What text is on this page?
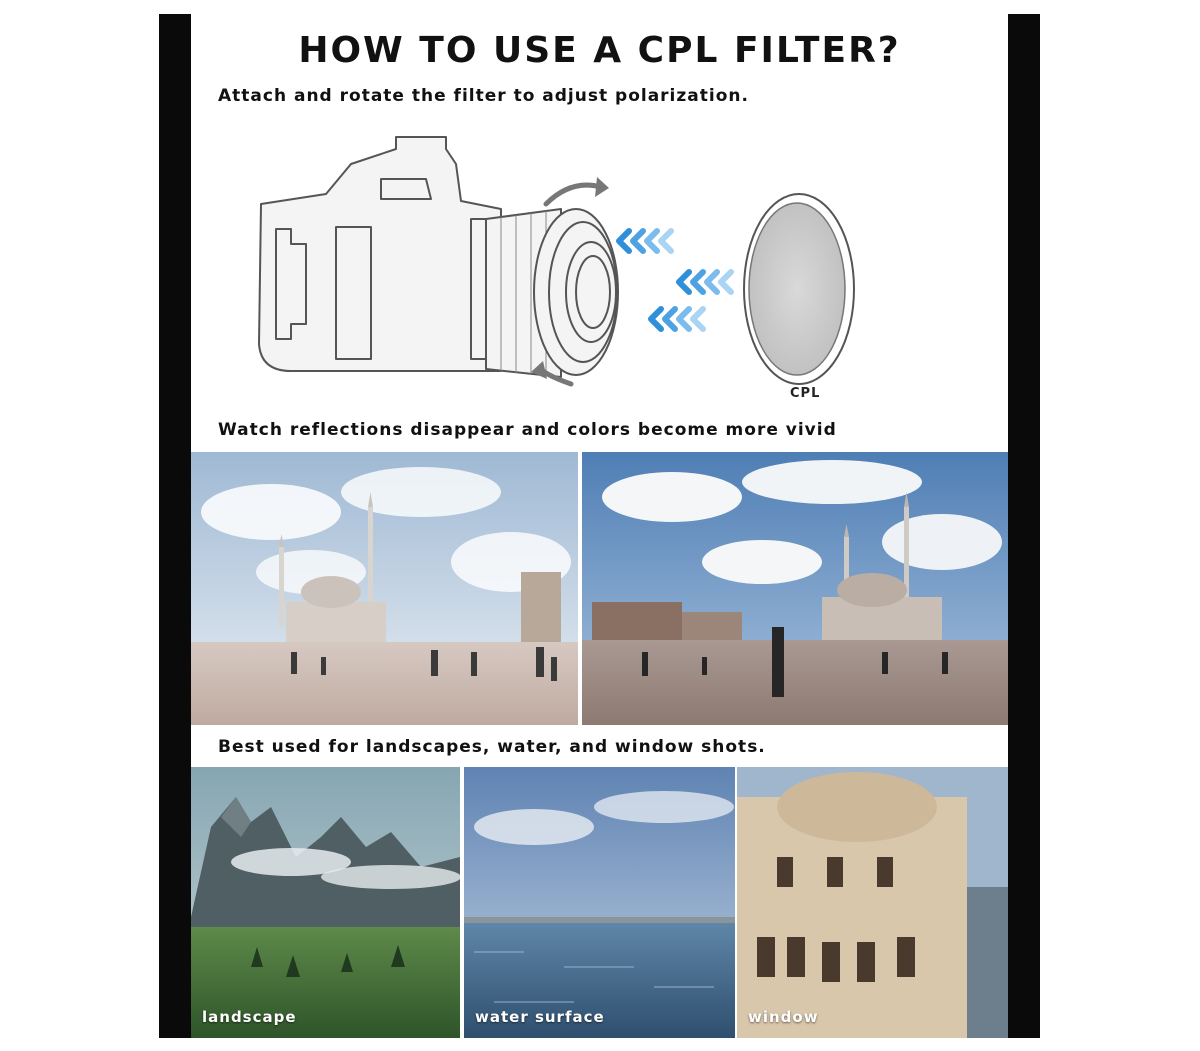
HOW TO USE A CPL FILTER?
Attach and rotate the filter to adjust polarization.
CPL
Watch reflections disappear and colors become more vivid
Best used for landscapes, water, and window shots.
landscape	water surface	window
